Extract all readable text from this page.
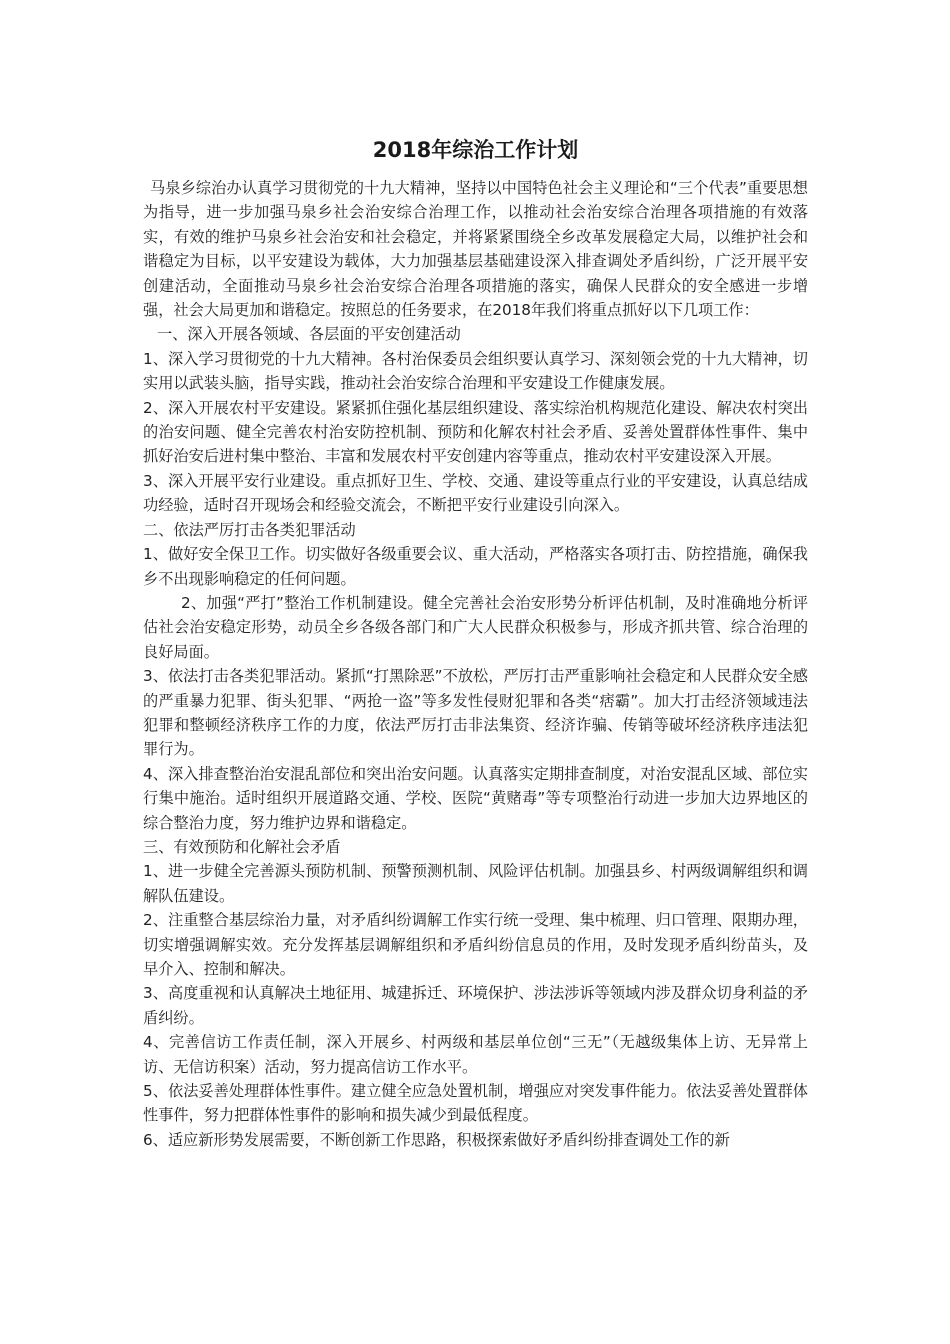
2018年综治工作计划

马泉乡综治办认真学习贯彻党的十九大精神，坚持以中国特色社会主义理论和“三个代表”重要思想为指导，进一步加强马泉乡社会治安综合治理工作，以推动社会治安综合治理各项措施的有效落实，有效的维护马泉乡社会治安和社会稳定，并将紧紧围绕全乡改革发展稳定大局，以维护社会和谐稳定为目标，以平安建设为载体，大力加强基层基础建设深入排查调处矛盾纠纷，广泛开展平安创建活动，全面推动马泉乡社会治安综合治理各项措施的落实，确保人民群众的安全感进一步增强，社会大局更加和谐稳定。按照总的任务要求，在2018年我们将重点抓好以下几项工作：

一、深入开展各领域、各层面的平安创建活动

1、深入学习贯彻党的十九大精神。各村治保委员会组织要认真学习、深刻领会党的十九大精神，切实用以武装头脑，指导实践，推动社会治安综合治理和平安建设工作健康发展。

2、深入开展农村平安建设。紧紧抓住强化基层组织建设、落实综治机构规范化建设、解决农村突出的治安问题、健全完善农村治安防控机制、预防和化解农村社会矛盾、妥善处置群体性事件、集中抓好治安后进村集中整治、丰富和发展农村平安创建内容等重点，推动农村平安建设深入开展。

3、深入开展平安行业建设。重点抓好卫生、学校、交通、建设等重点行业的平安建设，认真总结成功经验，适时召开现场会和经验交流会，不断把平安行业建设引向深入。

二、依法严厉打击各类犯罪活动

1、做好安全保卫工作。切实做好各级重要会议、重大活动，严格落实各项打击、防控措施，确保我乡不出现影响稳定的任何问题。

2、加强“严打”整治工作机制建设。健全完善社会治安形势分析评估机制，及时准确地分析评估社会治安稳定形势，动员全乡各级各部门和广大人民群众积极参与，形成齐抓共管、综合治理的良好局面。

3、依法打击各类犯罪活动。紧抓“打黑除恶”不放松，严厉打击严重影响社会稳定和人民群众安全感的严重暴力犯罪、街头犯罪、“两抢一盗”等多发性侵财犯罪和各类“痞霸”。加大打击经济领域违法犯罪和整顿经济秩序工作的力度，依法严厉打击非法集资、经济诈骗、传销等破坏经济秩序违法犯罪行为。

4、深入排查整治治安混乱部位和突出治安问题。认真落实定期排查制度，对治安混乱区域、部位实行集中施治。适时组织开展道路交通、学校、医院“黄赌毒”等专项整治行动进一步加大边界地区的综合整治力度，努力维护边界和谐稳定。

三、有效预防和化解社会矛盾

1、进一步健全完善源头预防机制、预警预测机制、风险评估机制。加强县乡、村两级调解组织和调解队伍建设。

2、注重整合基层综治力量，对矛盾纠纷调解工作实行统一受理、集中梳理、归口管理、限期办理，切实增强调解实效。充分发挥基层调解组织和矛盾纠纷信息员的作用，及时发现矛盾纠纷苗头，及早介入、控制和解决。

3、高度重视和认真解决土地征用、城建拆迁、环境保护、涉法涉诉等领域内涉及群众切身利益的矛盾纠纷。

4、完善信访工作责任制，深入开展乡、村两级和基层单位创“三无”（无越级集体上访、无异常上访、无信访积案）活动，努力提高信访工作水平。

5、依法妥善处理群体性事件。建立健全应急处置机制，增强应对突发事件能力。依法妥善处置群体性事件，努力把群体性事件的影响和损失减少到最低程度。

6、适应新形势发展需要，不断创新工作思路，积极探索做好矛盾纠纷排查调处工作的新
